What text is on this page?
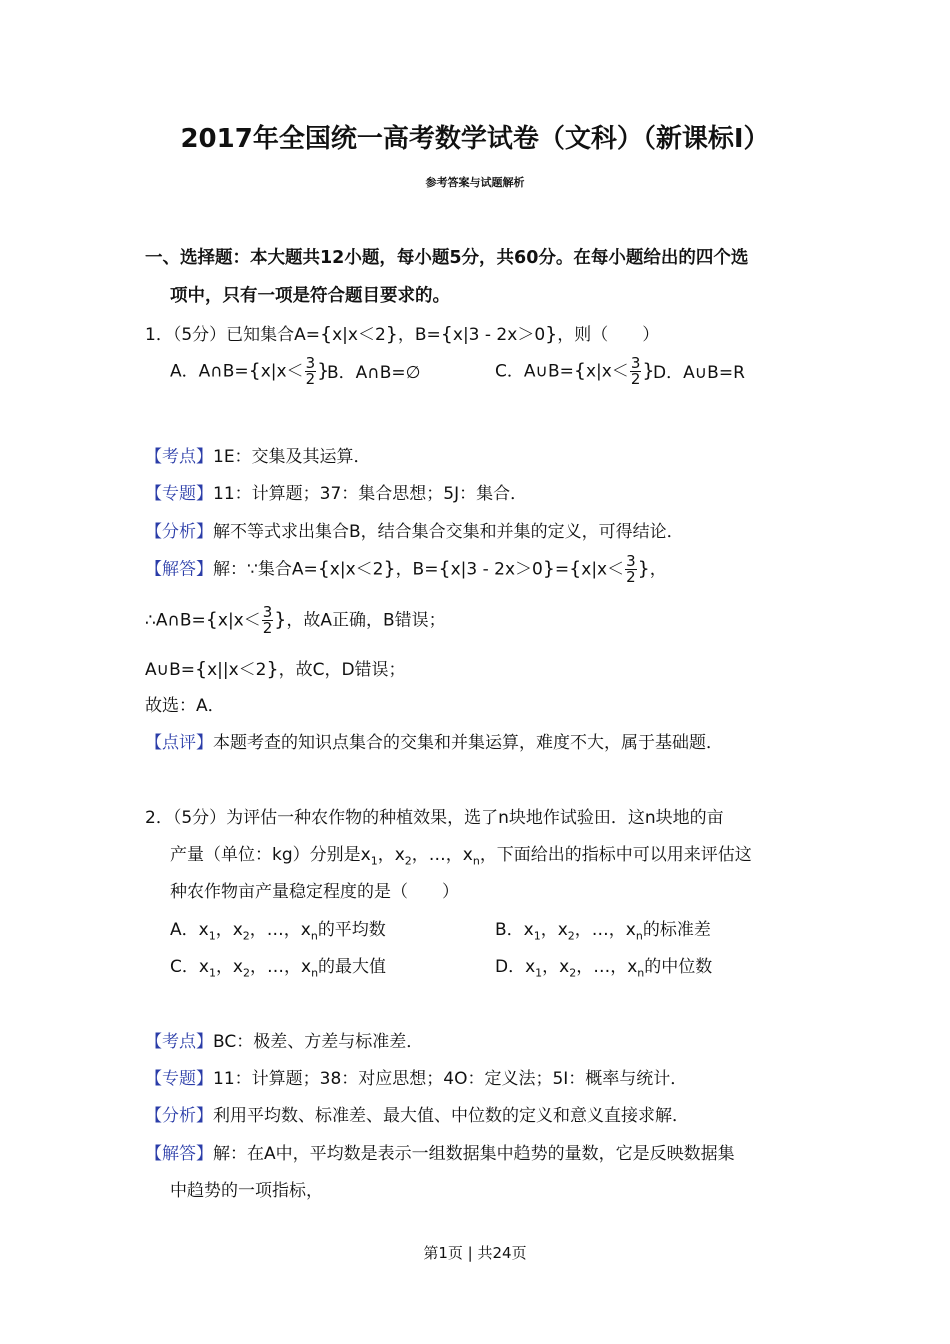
2017年全国统一高考数学试卷（文科）（新课标Ⅰ）
参考答案与试题解析
一、选择题：本大题共12小题，每小题5分，共60分。在每小题给出的四个选
项中，只有一项是符合题目要求的。
1．（5分）已知集合A={x|x＜2}，B={x|3 - 2x＞0}，则（　　）
A．A∩B={x|x＜ $\frac{3}{2}$ }
B．A∩B=∅	C．A∪B={x|x＜ $\frac{3}{2}$ }
D．A∪B=R
【考点】1E：交集及其运算．
【专题】11：计算题；37：集合思想；5J：集合．
【分析】解不等式求出集合B，结合集合交集和并集的定义，可得结论．
【解答】解：∵集合A={x|x＜2}，$B=\{x|3 - 2x>0\}=\{x|x< \frac{3}{2}$ }，
∴A∩B={x|x＜ $\frac{3}{2}$ }，故A正确，B错误；
A∪B={x||x＜2}，故C，D错误；
故选：A．
【点评】本题考查的知识点集合的交集和并集运算，难度不大，属于基础题．
2．（5分）为评估一种农作物的种植效果，选了n块地作试验田．这n块地的亩
产量（单位：kg）分别是$x_1$，$x_2$，…，$x_n$，下面给出的指标中可以用来评估这
种农作物亩产量稳定程度的是（　　）
A．$x_1$，$x_2$，…，$x_n$的平均数	B．$x_1$，$x_2$，…，$x_n$的标准差
C．$x_1$，$x_2$，…，$x_n$的最大值	D．$x_1$，$x_2$，…，$x_n$的中位数
【考点】BC：极差、方差与标准差．
【专题】11：计算题；38：对应思想；4O：定义法；5I：概率与统计．
【分析】利用平均数、标准差、最大值、中位数的定义和意义直接求解．
【解答】解：在A中，平均数是表示一组数据集中趋势的量数，它是反映数据集
中趋势的一项指标，
第1页 | 共24页
